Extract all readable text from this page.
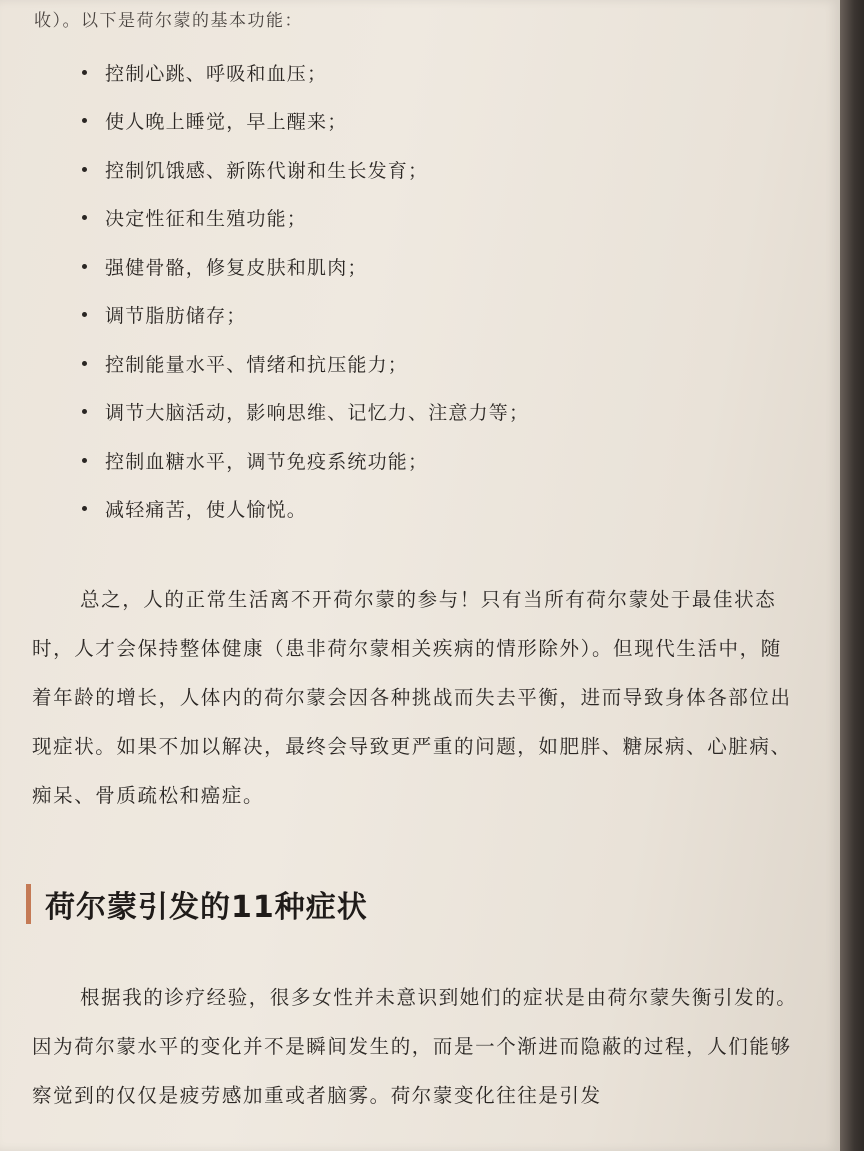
收）。以下是荷尔蒙的基本功能：
控制心跳、呼吸和血压；
使人晚上睡觉，早上醒来；
控制饥饿感、新陈代谢和生长发育；
决定性征和生殖功能；
强健骨骼，修复皮肤和肌肉；
调节脂肪储存；
控制能量水平、情绪和抗压能力；
调节大脑活动，影响思维、记忆力、注意力等；
控制血糖水平，调节免疫系统功能；
减轻痛苦，使人愉悦。

总之，人的正常生活离不开荷尔蒙的参与！只有当所有荷尔蒙处于最佳状态时，人才会保持整体健康（患非荷尔蒙相关疾病的情形除外）。但现代生活中，随着年龄的增长，人体内的荷尔蒙会因各种挑战而失去平衡，进而导致身体各部位出现症状。如果不加以解决，最终会导致更严重的问题，如肥胖、糖尿病、心脏病、痴呆、骨质疏松和癌症。

荷尔蒙引发的11种症状

根据我的诊疗经验，很多女性并未意识到她们的症状是由荷尔蒙失衡引发的。因为荷尔蒙水平的变化并不是瞬间发生的，而是一个渐进而隐蔽的过程，人们能够察觉到的仅仅是疲劳感加重或者脑雾。荷尔蒙变化往往是引发
